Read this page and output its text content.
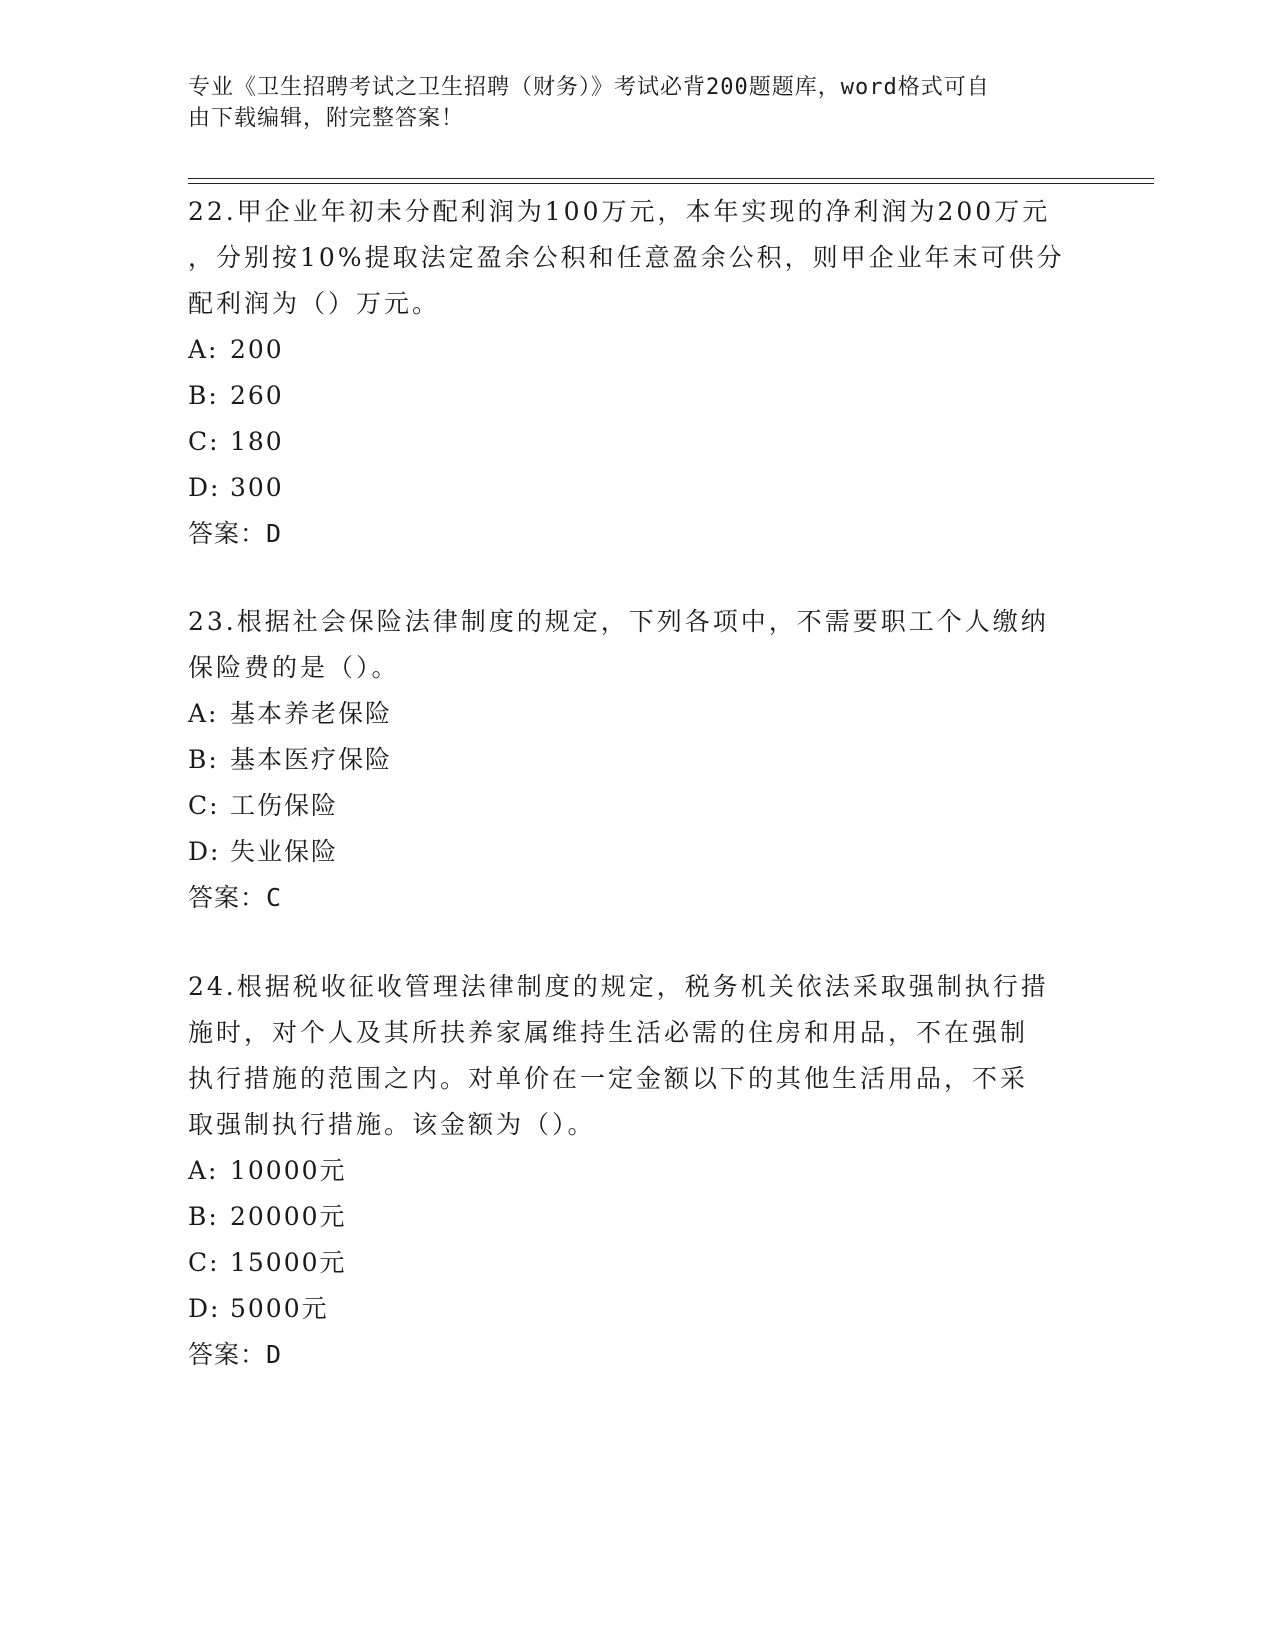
专业《卫生招聘考试之卫生招聘（财务）》考试必背200题题库，word格式可自
由下载编辑，附完整答案！

22.甲企业年初未分配利润为100万元，本年实现的净利润为200万元

，分别按10%提取法定盈余公积和任意盈余公积，则甲企业年末可供分

配利润为（）万元。

A: 200

B: 260

C: 180

D: 300

答案：D

23.根据社会保险法律制度的规定，下列各项中，不需要职工个人缴纳

保险费的是（）。

A: 基本养老保险

B: 基本医疗保险

C: 工伤保险

D: 失业保险

答案：C

24.根据税收征收管理法律制度的规定，税务机关依法采取强制执行措

施时，对个人及其所扶养家属维持生活必需的住房和用品，不在强制

执行措施的范围之内。对单价在一定金额以下的其他生活用品，不采

取强制执行措施。该金额为（）。

A: 10000元

B: 20000元

C: 15000元

D: 5000元

答案：D
